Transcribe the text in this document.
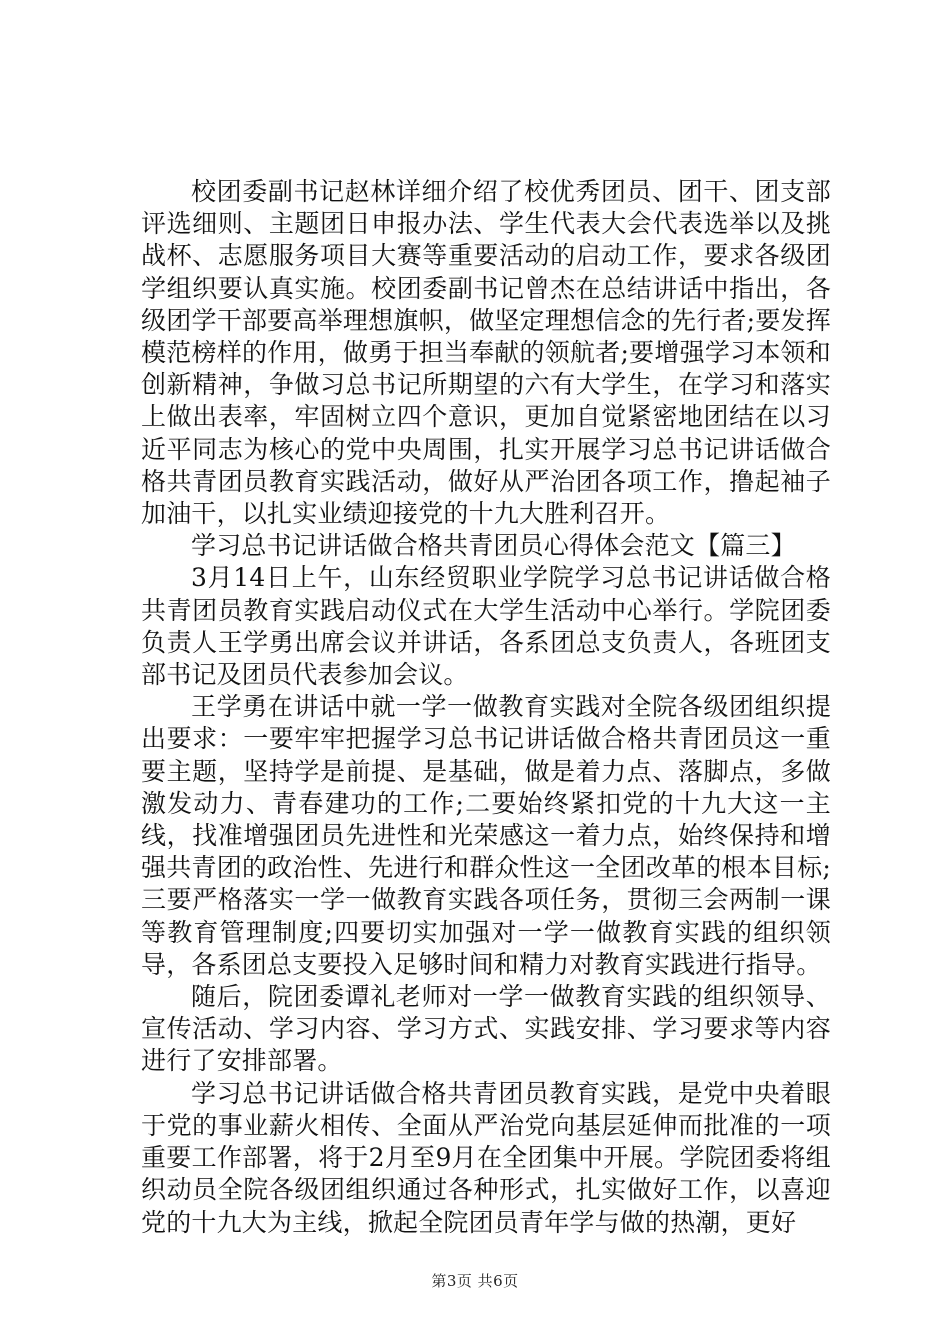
校团委副书记赵林详细介绍了校优秀团员、团干、团支部评选细则、主题团日申报办法、学生代表大会代表选举以及挑战杯、志愿服务项目大赛等重要活动的启动工作，要求各级团学组织要认真实施。校团委副书记曾杰在总结讲话中指出，各级团学干部要高举理想旗帜，做坚定理想信念的先行者;要发挥模范榜样的作用，做勇于担当奉献的领航者;要增强学习本领和创新精神，争做习总书记所期望的六有大学生，在学习和落实上做出表率，牢固树立四个意识，更加自觉紧密地团结在以习近平同志为核心的党中央周围，扎实开展学习总书记讲话做合格共青团员教育实践活动，做好从严治团各项工作，撸起袖子加油干，以扎实业绩迎接党的十九大胜利召开。

学习总书记讲话做合格共青团员心得体会范文【篇三】

3月14日上午，山东经贸职业学院学习总书记讲话做合格共青团员教育实践启动仪式在大学生活动中心举行。学院团委负责人王学勇出席会议并讲话，各系团总支负责人，各班团支部书记及团员代表参加会议。

王学勇在讲话中就一学一做教育实践对全院各级团组织提出要求：一要牢牢把握学习总书记讲话做合格共青团员这一重要主题，坚持学是前提、是基础，做是着力点、落脚点，多做激发动力、青春建功的工作;二要始终紧扣党的十九大这一主线，找准增强团员先进性和光荣感这一着力点，始终保持和增强共青团的政治性、先进行和群众性这一全团改革的根本目标;三要严格落实一学一做教育实践各项任务，贯彻三会两制一课等教育管理制度;四要切实加强对一学一做教育实践的组织领导，各系团总支要投入足够时间和精力对教育实践进行指导。

随后，院团委谭礼老师对一学一做教育实践的组织领导、宣传活动、学习内容、学习方式、实践安排、学习要求等内容进行了安排部署。

学习总书记讲话做合格共青团员教育实践，是党中央着眼于党的事业薪火相传、全面从严治党向基层延伸而批准的一项重要工作部署，将于2月至9月在全团集中开展。学院团委将组织动员全院各级团组织通过各种形式，扎实做好工作，以喜迎党的十九大为主线，掀起全院团员青年学与做的热潮，更好

第3页 共6页
